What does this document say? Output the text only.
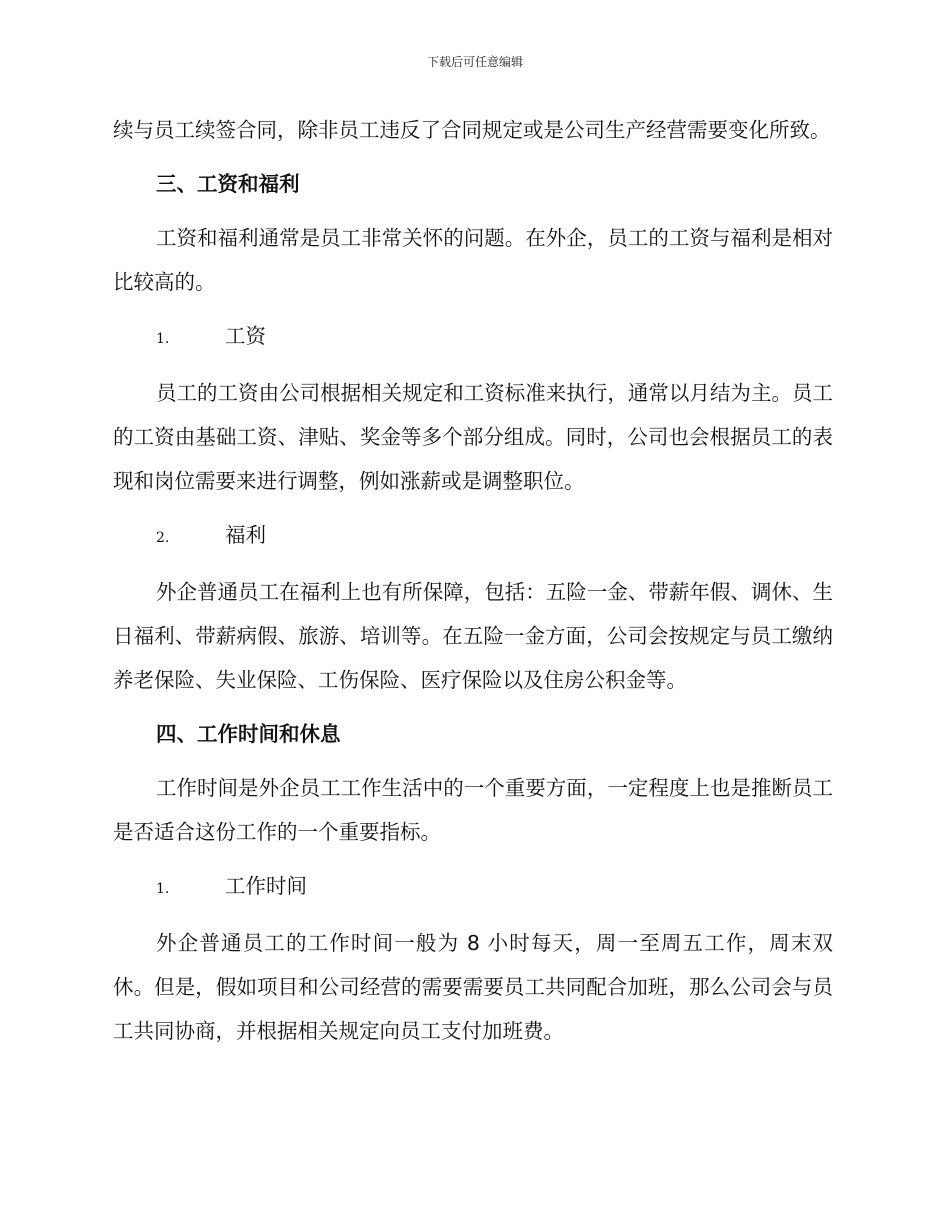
下载后可任意编辑

续与员工续签合同，除非员工违反了合同规定或是公司生产经营需要变化所致。

三、工资和福利

工资和福利通常是员工非常关怀的问题。在外企，员工的工资与福利是相对比较高的。

1.	工资

员工的工资由公司根据相关规定和工资标准来执行，通常以月结为主。员工的工资由基础工资、津贴、奖金等多个部分组成。同时，公司也会根据员工的表现和岗位需要来进行调整，例如涨薪或是调整职位。

2.	福利

外企普通员工在福利上也有所保障，包括：五险一金、带薪年假、调休、生日福利、带薪病假、旅游、培训等。在五险一金方面，公司会按规定与员工缴纳养老保险、失业保险、工伤保险、医疗保险以及住房公积金等。

四、工作时间和休息

工作时间是外企员工工作生活中的一个重要方面，一定程度上也是推断员工是否适合这份工作的一个重要指标。

1.	工作时间

外企普通员工的工作时间一般为 8 小时每天，周一至周五工作，周末双休。但是，假如项目和公司经营的需要需要员工共同配合加班，那么公司会与员工共同协商，并根据相关规定向员工支付加班费。
